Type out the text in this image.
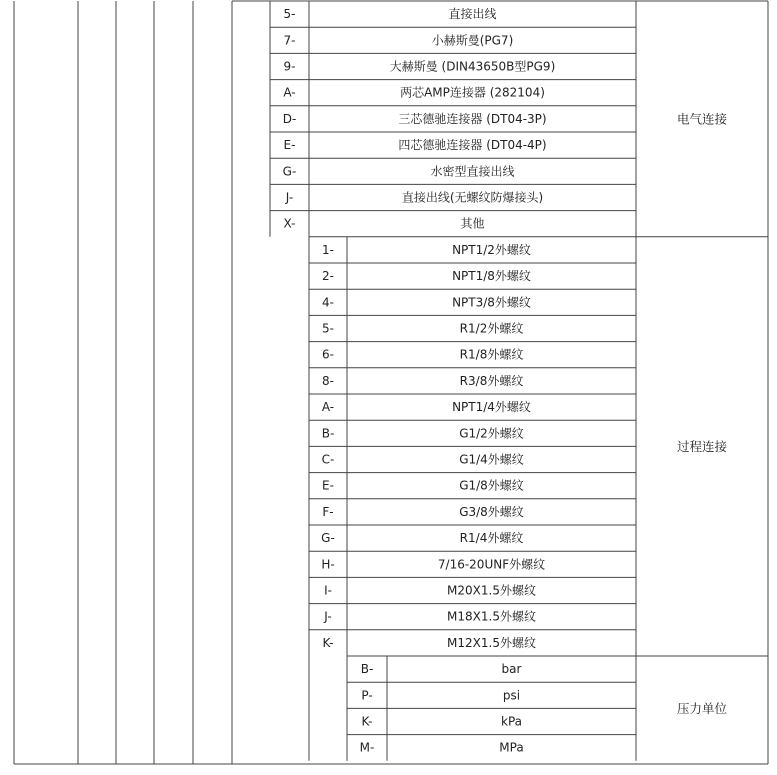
5-	直接出线
7-	小赫斯曼(PG7)
9-	大赫斯曼 (DIN43650B型PG9)
A-	两芯AMP连接器 (282104)
D-	三芯德驰连接器 (DT04-3P)
E-	四芯德驰连接器 (DT04-4P)
G-	水密型直接出线
J-	直接出线(无螺纹防爆接头)
X-	其他
电气连接
1-	NPT1/2外螺纹
2-	NPT1/8外螺纹
4-	NPT3/8外螺纹
5-	R1/2外螺纹
6-	R1/8外螺纹
8-	R3/8外螺纹
A-	NPT1/4外螺纹
B-	G1/2外螺纹
C-	G1/4外螺纹
E-	G1/8外螺纹
F-	G3/8外螺纹
G-	R1/4外螺纹
H-	7/16-20UNF外螺纹
I-	M20X1.5外螺纹
J-	M18X1.5外螺纹
K-	M12X1.5外螺纹
过程连接
B-	bar
P-	psi
K-	kPa
M-	MPa
压力单位
